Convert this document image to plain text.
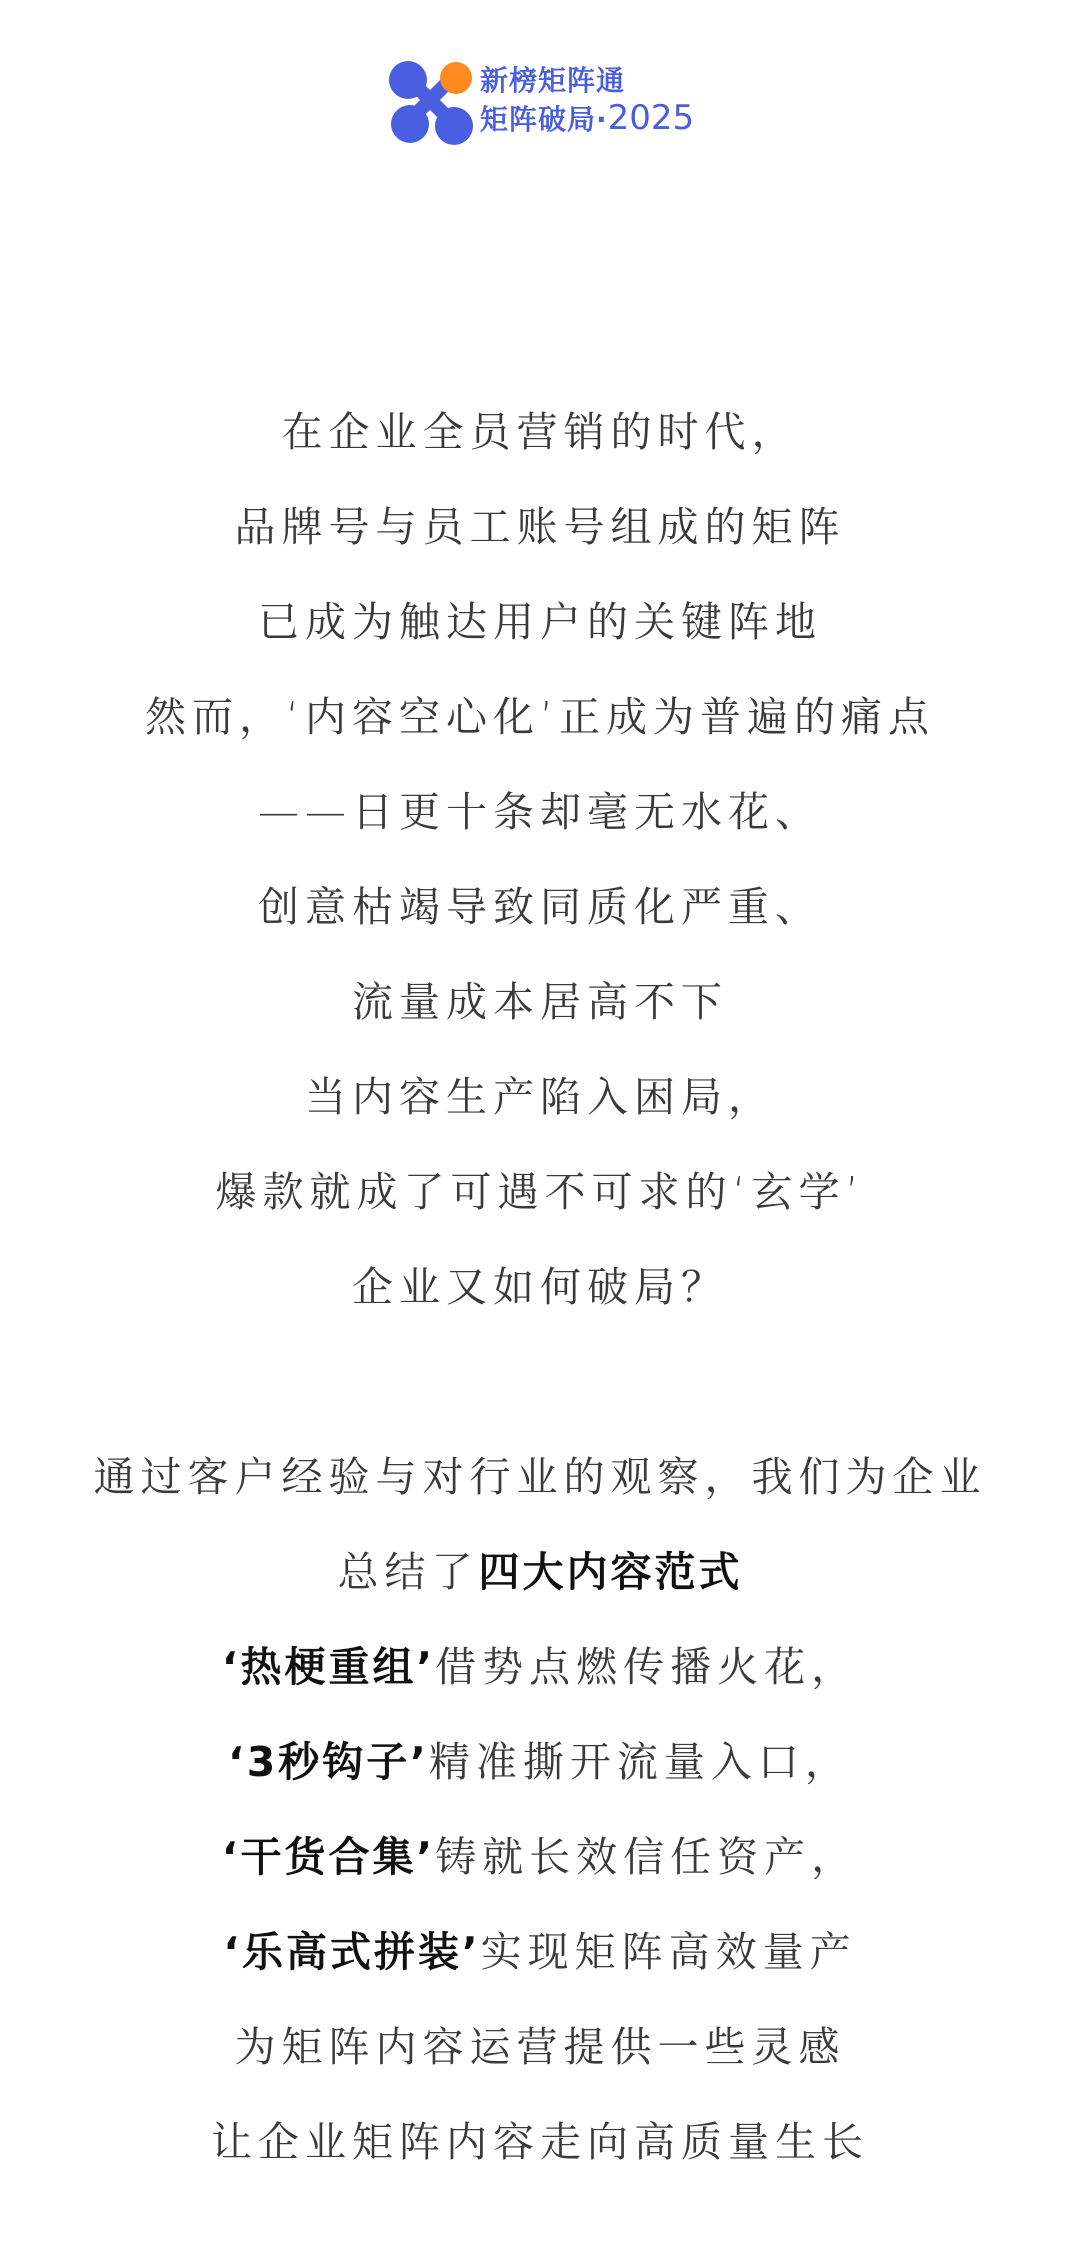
新榜矩阵通
矩阵破局·2025
在企业全员营销的时代，
品牌号与员工账号组成的矩阵
已成为触达用户的关键阵地
然而，‘内容空心化’正成为普遍的痛点
——日更十条却毫无水花、
创意枯竭导致同质化严重、
流量成本居高不下
当内容生产陷入困局，
爆款就成了可遇不可求的‘玄学’
企业又如何破局？
通过客户经验与对行业的观察，我们为企业
总结了四大内容范式
‘热梗重组’借势点燃传播火花，
‘3秒钩子’精准撕开流量入口，
‘干货合集’铸就长效信任资产，
‘乐高式拼装’实现矩阵高效量产
为矩阵内容运营提供一些灵感
让企业矩阵内容走向高质量生长
